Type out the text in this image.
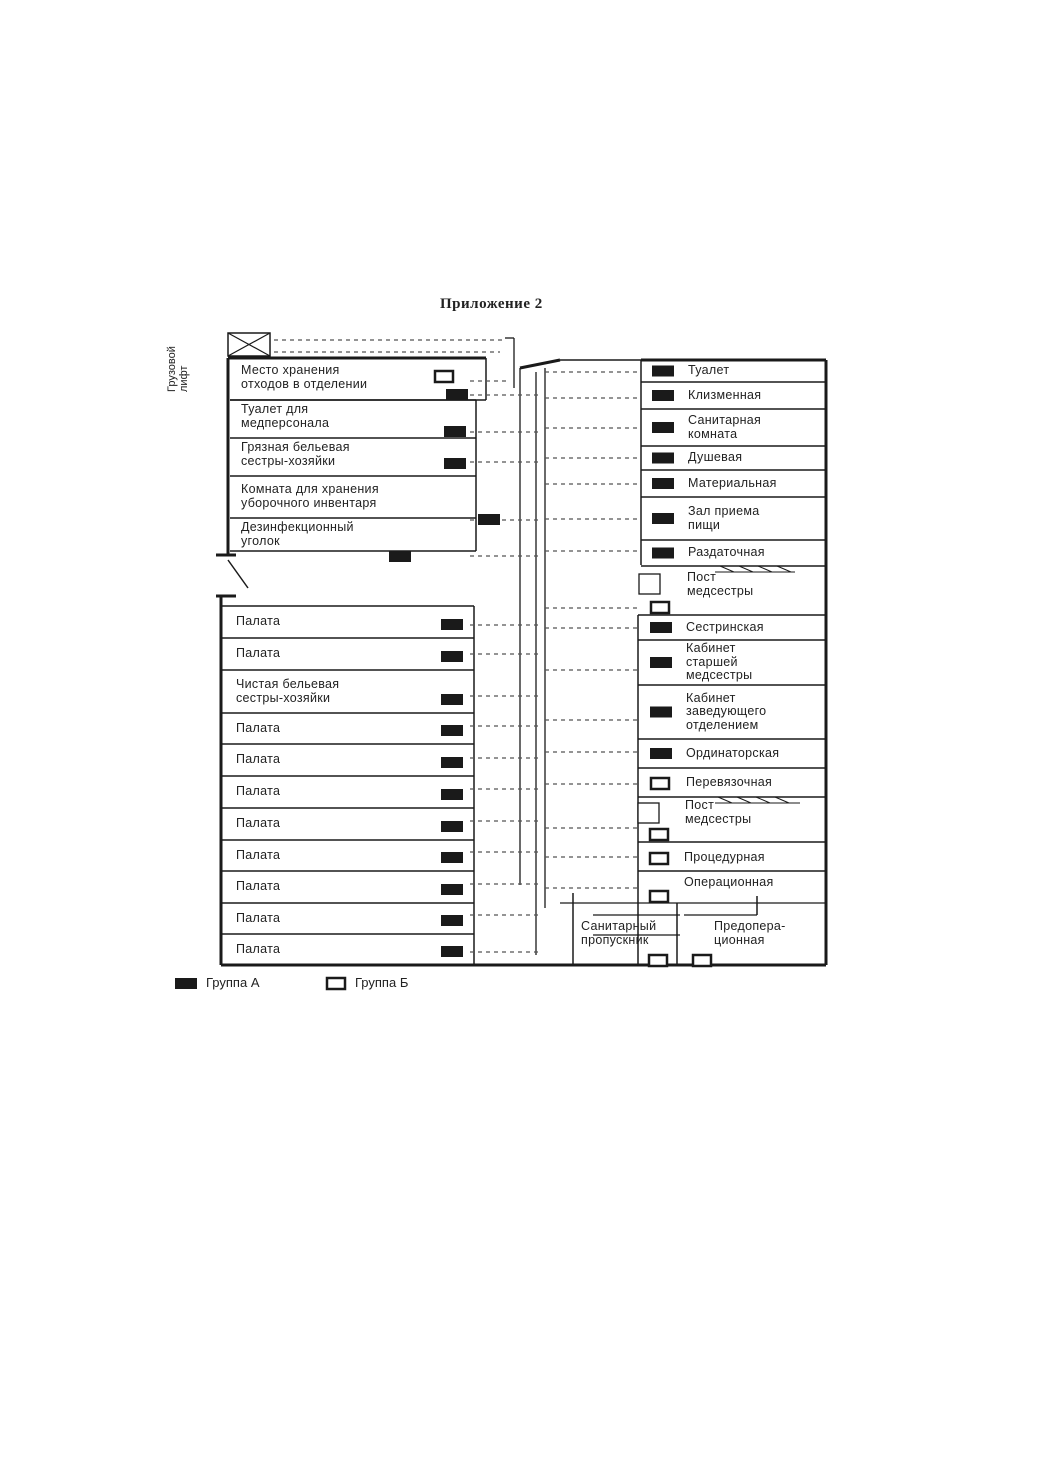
Приложение 2
Грузовой лифт	Место хранения
отходов в отделении
Туалет для
медперсонала
Грязная бельевая
сестры-хозяйки
Комната для хранения
уборочного инвентаря
Дезинфекционный
уголок
Палата
Палата
Чистая бельевая
сестры-хозяйки
Палата
Палата
Палата
Палата
Палата
Палата
Палата
Палата
Туалет
Клизменная
Санитарная
комната
Душевая
Материальная
Зал приема
пищи
Раздаточная
Пост
медсестры
Сестринская
Кабинет
старшей
медсестры
Кабинет
заведующего
отделением
Ординаторская
Перевязочная
Пост
медсестры
Процедурная
Операционная
Санитарный
пропускник
Предопера-
ционная
Группа А	Группа Б
